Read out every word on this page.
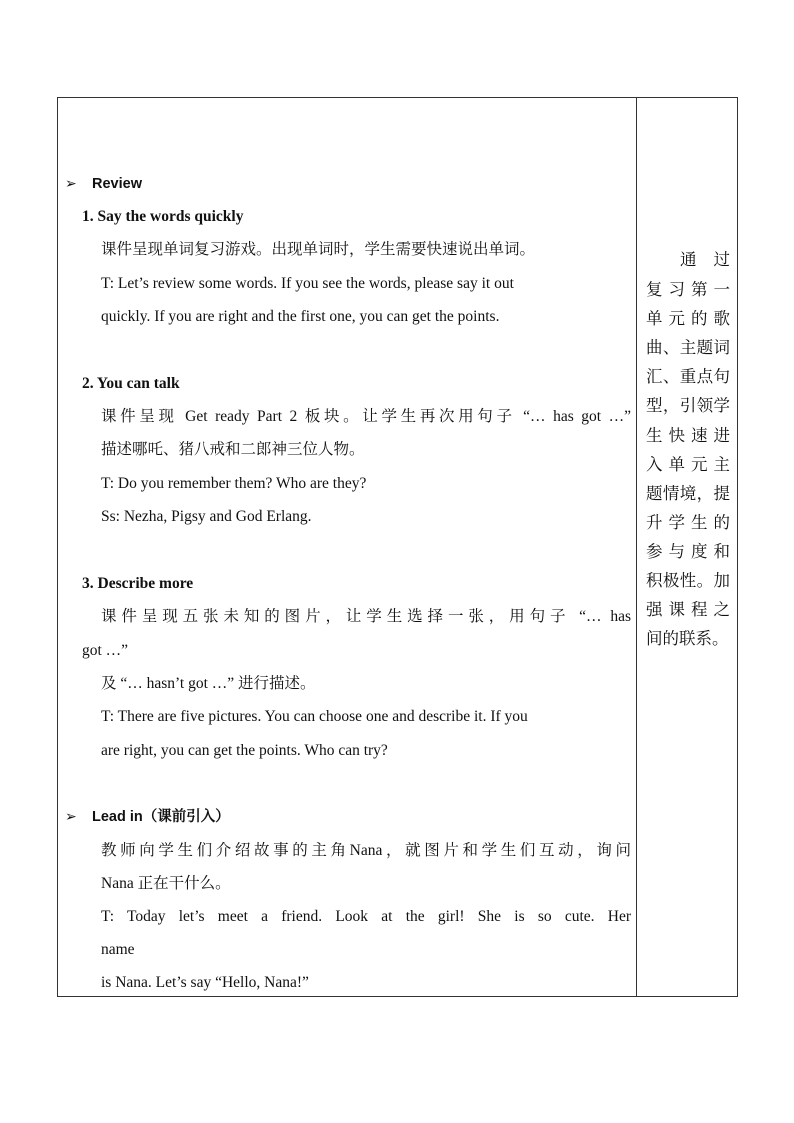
➢ Review
1. Say the words quickly
课件呈现单词复习游戏。出现单词时，学生需要快速说出单词。
T: Let’s review some words. If you see the words, please say it out
quickly. If you are right and the first one, you can get the points.
2. You can talk
课件呈现 Get ready Part 2 板块。让学生再次用句子 “… has got …”
描述哪吒、猪八戒和二郎神三位人物。
T: Do you remember them? Who are they?
Ss: Nezha, Pigsy and God Erlang.
3. Describe more
课件呈现五张未知的图片，让学生选择一张，用句子 “… has
got …”
及 “… hasn’t got …” 进行描述。
T: There are five pictures. You can choose one and describe it. If you
are right, you can get the points. Who can try?
➢ Lead in（课前引入）
教师向学生们介绍故事的主角Nana，就图片和学生们互动，询问
Nana 正在干什么。
T: Today let’s meet a friend. Look at the girl! She is so cute. Her
name
is Nana. Let’s say “Hello, Nana!”
通　过
复习第一
单元的歌
曲、主题词
汇、重点句
型，引领学
生快速进
入单元主
题情境，提
升学生的
参与度和
积极性。加
强课程之
间的联系。
